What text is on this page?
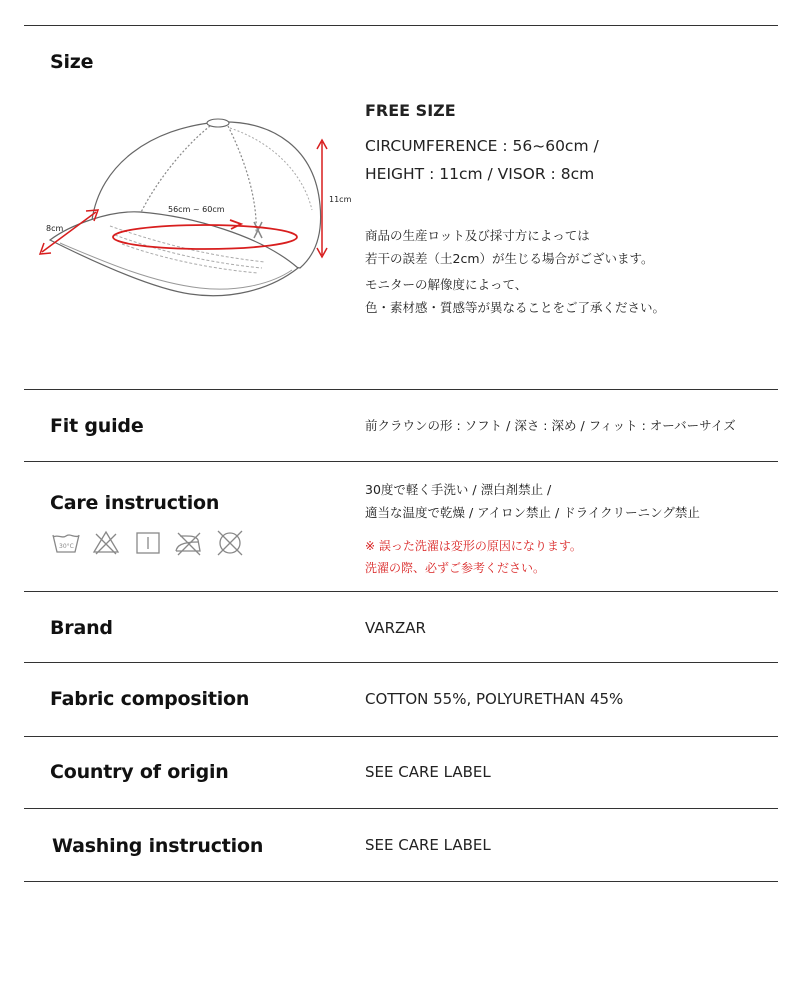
Size
56cm ~ 60cm
11cm
8cm
FREE SIZE
CIRCUMFERENCE : 56~60cm /
HEIGHT : 11cm / VISOR : 8cm
商品の生産ロット及び採寸方によっては
若干の誤差（土2cm）が生じる場合がございます。
モニターの解像度によって、
色・素材感・質感等が異なることをご了承ください。
Fit guide	前クラウンの形 : ソフト / 深さ : 深め / フィット : オーバーサイズ
Care instruction
30°C
30度で軽く手洗い / 漂白剤禁止 /
適当な温度で乾燥 / アイロン禁止 / ドライクリーニング禁止
※ 誤った洗濯は変形の原因になります。
洗濯の際、必ずご参考ください。
Brand	VARZAR
Fabric composition	COTTON 55%, POLYURETHAN 45%
Country of origin	SEE CARE LABEL
Washing instruction	SEE CARE LABEL
